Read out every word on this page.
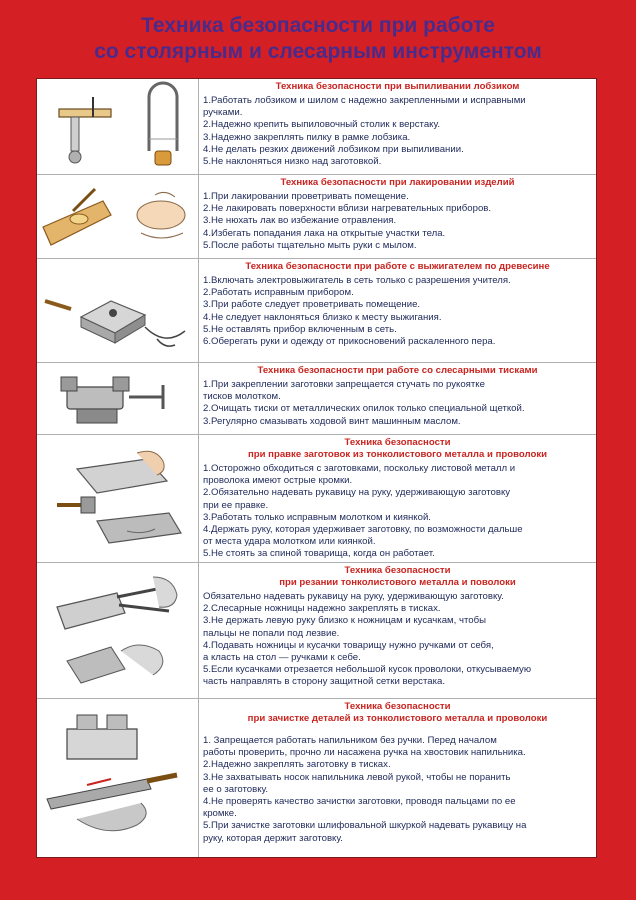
Техника безопасности при работе
со столярным и слесарным инструментом
Техника безопасности при выпиливании лобзиком
1.Работать лобзиком и шилом с надежно закрепленными и исправными
ручками.
2.Надежно крепить выпиловочный столик к верстаку.
3.Надежно закреплять пилку в рамке лобзика.
4.Не делать резких движений лобзиком при выпиливании.
5.Не наклоняться низко над заготовкой.
Техника безопасности при лакировании изделий
1.При лакировании проветривать помещение.
2.Не лакировать поверхности вблизи нагревательных приборов.
3.Не нюхать лак во избежание отравления.
4.Избегать попадания лака на открытые участки тела.
5.После работы тщательно мыть руки с мылом.
Техника безопасности при работе с выжигателем по древесине
1.Включать электровыжигатель в сеть только с разрешения учителя.
2.Работать исправным прибором.
3.При работе следует проветривать помещение.
4.Не следует наклоняться близко к месту выжигания.
5.Не оставлять прибор включенным в сеть.
6.Оберегать руки и одежду от прикосновений раскаленного пера.
Техника безопасности при работе со слесарными тисками
1.При закреплении заготовки запрещается стучать по рукоятке
тисков молотком.
2.Очищать тиски от металлических опилок только специальной щеткой.
3.Регулярно смазывать ходовой винт машинным маслом.
Техника безопасности
при правке заготовок из тонколистового металла и проволоки
1.Осторожно обходиться с заготовками, поскольку листовой металл и
проволока имеют острые кромки.
2.Обязательно надевать рукавицу на руку, удерживающую заготовку
при ее правке.
3.Работать только исправным молотком и киянкой.
4.Держать руку, которая удерживает заготовку, по возможности дальше
от места удара молотком или киянкой.
5.Не стоять за спиной товарища, когда он работает.
Техника безопасности
при резании тонколистового металла и поволоки
Обязательно надевать рукавицу на руку, удерживающую заготовку.
2.Слесарные ножницы надежно закреплять в тисках.
3.Не держать левую руку близко к ножницам и кусачкам, чтобы
пальцы не попали под лезвие.
4.Подавать ножницы и кусачки товарищу нужно ручками от себя,
а класть на стол — ручками к себе.
5.Если кусачками отрезается небольшой кусок проволоки, откусываемую
часть направлять в сторону защитной сетки верстака.
Техника безопасности
при зачистке деталей из тонколистового металла и проволоки
1. Запрещается работать напильником без ручки. Перед началом
работы проверить, прочно ли насажена ручка на хвостовик напильника.
2.Надежно закреплять заготовку в тисках.
3.Не захватывать носок напильника левой рукой, чтобы не поранить
ее о заготовку.
4.Не проверять качество зачистки заготовки, проводя пальцами по ее
кромке.
5.При зачистке заготовки шлифовальной шкуркой надевать рукавицу на
руку, которая держит заготовку.
